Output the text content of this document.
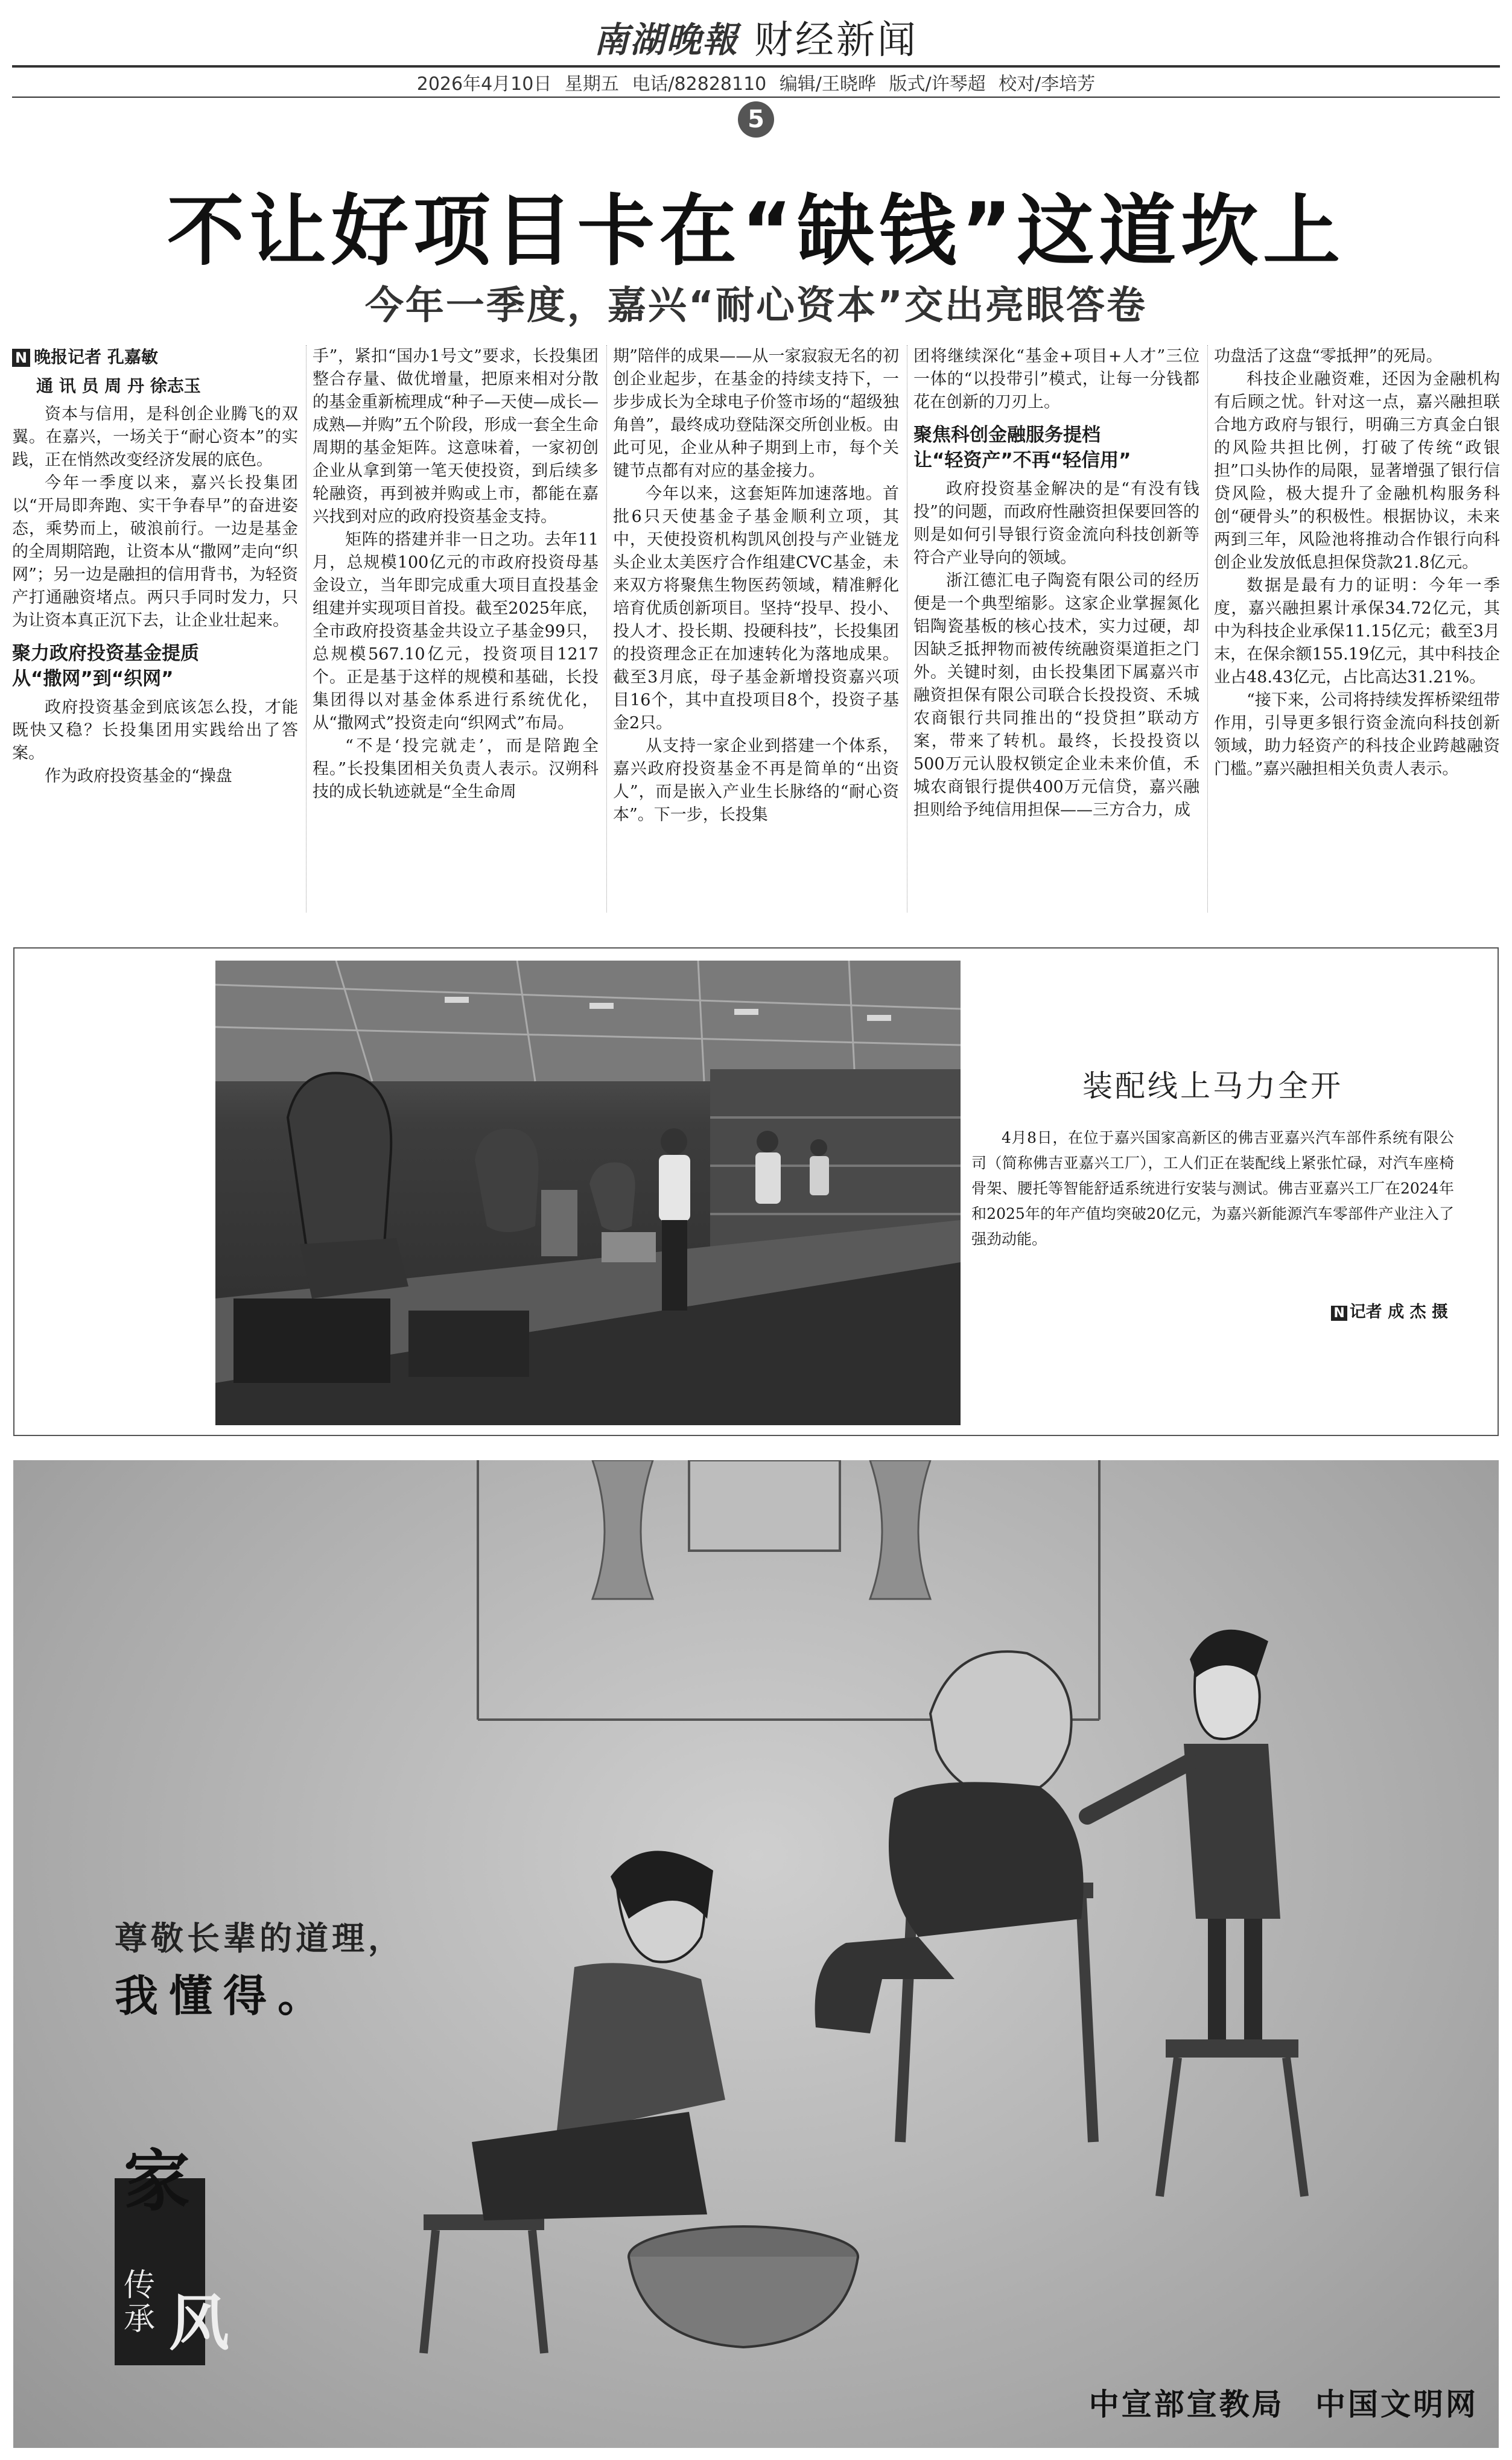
南湖晚報 财经新闻
2026年4月10日 星期五 电话/82828110 编辑/王晓晔 版式/许琴超 校对/李培芳
5
不让好项目卡在“缺钱”这道坎上
今年一季度，嘉兴“耐心资本”交出亮眼答卷
N 晚报记者 孔嘉敏
通 讯 员 周 丹 徐志玉

资本与信用，是科创企业腾飞的双翼。在嘉兴，一场关于“耐心资本”的实践，正在悄然改变经济发展的底色。

今年一季度以来，嘉兴长投集团以“开局即奔跑、实干争春早”的奋进姿态，乘势而上，破浪前行。一边是基金的全周期陪跑，让资本从“撒网”走向“织网”；另一边是融担的信用背书，为轻资产打通融资堵点。两只手同时发力，只为让资本真正沉下去，让企业壮起来。

聚力政府投资基金提质
从“撒网”到“织网”

政府投资基金到底该怎么投，才能既快又稳？长投集团用实践给出了答案。

作为政府投资基金的“操盘

手”，紧扣“国办1号文”要求，长投集团整合存量、做优增量，把原来相对分散的基金重新梳理成“种子—天使—成长—成熟—并购”五个阶段，形成一套全生命周期的基金矩阵。这意味着，一家初创企业从拿到第一笔天使投资，到后续多轮融资，再到被并购或上市，都能在嘉兴找到对应的政府投资基金支持。

矩阵的搭建并非一日之功。去年11月，总规模100亿元的市政府投资母基金设立，当年即完成重大项目直投基金组建并实现项目首投。截至2025年底，全市政府投资基金共设立子基金99只，总规模567.10亿元，投资项目1217个。正是基于这样的规模和基础，长投集团得以对基金体系进行系统优化，从“撒网式”投资走向“织网式”布局。

“不是‘投完就走’，而是陪跑全程。”长投集团相关负责人表示。汉朔科技的成长轨迹就是“全生命周

期”陪伴的成果——从一家寂寂无名的初创企业起步，在基金的持续支持下，一步步成长为全球电子价签市场的“超级独角兽”，最终成功登陆深交所创业板。由此可见，企业从种子期到上市，每个关键节点都有对应的基金接力。

今年以来，这套矩阵加速落地。首批6只天使基金子基金顺利立项，其中，天使投资机构凯风创投与产业链龙头企业太美医疗合作组建CVC基金，未来双方将聚焦生物医药领域，精准孵化培育优质创新项目。坚持“投早、投小、投人才、投长期、投硬科技”，长投集团的投资理念正在加速转化为落地成果。截至3月底，母子基金新增投资嘉兴项目16个，其中直投项目8个，投资子基金2只。

从支持一家企业到搭建一个体系，嘉兴政府投资基金不再是简单的“出资人”，而是嵌入产业生长脉络的“耐心资本”。下一步，长投集

团将继续深化“基金+项目+人才”三位一体的“以投带引”模式，让每一分钱都花在创新的刀刃上。

聚焦科创金融服务提档
让“轻资产”不再“轻信用”

政府投资基金解决的是“有没有钱投”的问题，而政府性融资担保要回答的则是如何引导银行资金流向科技创新等符合产业导向的领域。

浙江德汇电子陶瓷有限公司的经历便是一个典型缩影。这家企业掌握氮化铝陶瓷基板的核心技术，实力过硬，却因缺乏抵押物而被传统融资渠道拒之门外。关键时刻，由长投集团下属嘉兴市融资担保有限公司联合长投投资、禾城农商银行共同推出的“投贷担”联动方案，带来了转机。最终，长投投资以500万元认股权锁定企业未来价值，禾城农商银行提供400万元信贷，嘉兴融担则给予纯信用担保——三方合力，成

功盘活了这盘“零抵押”的死局。

科技企业融资难，还因为金融机构有后顾之忧。针对这一点，嘉兴融担联合地方政府与银行，明确三方真金白银的风险共担比例，打破了传统“政银担”口头协作的局限，显著增强了银行信贷风险，极大提升了金融机构服务科创“硬骨头”的积极性。根据协议，未来两到三年，风险池将推动合作银行向科创企业发放低息担保贷款21.8亿元。

数据是最有力的证明：今年一季度，嘉兴融担累计承保34.72亿元，其中为科技企业承保11.15亿元；截至3月末，在保余额155.19亿元，其中科技企业占48.43亿元，占比高达31.21%。

“接下来，公司将持续发挥桥梁纽带作用，引导更多银行资金流向科技创新领域，助力轻资产的科技企业跨越融资门槛。”嘉兴融担相关负责人表示。

装配线上马力全开

4月8日，在位于嘉兴国家高新区的佛吉亚嘉兴汽车部件系统有限公司（简称佛吉亚嘉兴工厂），工人们正在装配线上紧张忙碌，对汽车座椅骨架、腰托等智能舒适系统进行安装与测试。佛吉亚嘉兴工厂在2024年和2025年的年产值均突破20亿元，为嘉兴新能源汽车零部件产业注入了强劲动能。

N 记者 成 杰 摄
尊敬长辈的道理，
我懂得。
家
传承 风
中宣部宣教局 中国文明网
